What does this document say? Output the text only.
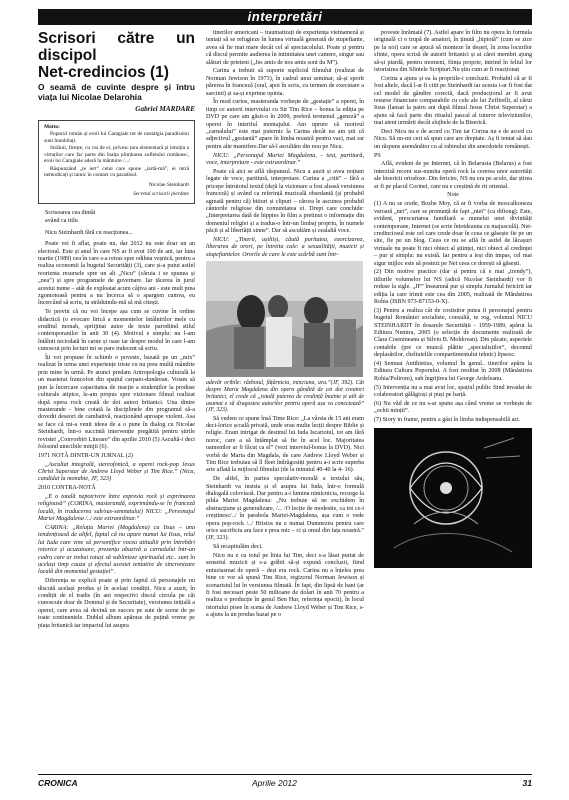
interpretări
Scrisori către un discipol
Net-credincios (1)
O seamă de cuvinte despre și întru viața lui Nicolae Delarohia
Gabriel MARDARE

Motto:

Poporul român și eroii lui Caragiale tot de nostalgia paradisului sunt înnobilați.

Străinii, firește, cu vai de ei, privesc țara elementară și intuiția a virtuților care fac parte din înalța plimbarea sufletului românesc, eroii lui Caragiale aderă la mântuire /.../

Răspunzând „te iert” celui care spune „iartă-mă”, ei intră nemodicați și tainic în contact cu paradisul.

Nicolae Steinhardt

Secretul scrisorii pierdute

Scrisoarea cea dintâi

având ca titlu

Nicu Steinhardt fără cu reacțiunea...

Poate vei fi aflat, poate nu, dar 2012 nu este doar un an electoral. Este și anul în care NS ar fi avut 100 de ani, iar luna martie (1989) cea în care s-a retras spre odihna veșnică, pentru a realiza economii la bugetul Securității (3), care și-a putut astfel reorienta resursele spre un alt „Nicu” (căruia i se spunea și „nea”) și spre programele de guvernare. Iar tăcerea în jurul acestui nume – atât de exploatat acum câțiva ani - este mult prea zgomotoasă pentru a nu încerca să o spargem cumva, eu încercând să scriu, tu străduindu-mă să mă citești.

Te previn că nu voi începe așa cum se cuvine în ordine didactică (o evocare lirică a momentelor întâlnirilor mele cu eruditul monah, spriijinat autor de texte parodiind stilul contemporanilor în anii 30 (4). Motivul e simplu: nu l-am întâlnit niciodată în carne și oase iar despre modul în care l-am cunoscut prin lecturi mi se pare indecent să scriu.

Îți voi propune în schimb o poveste, bazată pe un „mix” realizat în urma unei experiențe triste cu nu prea multă mândrie prin mine în urmă. Pe atunci predam Antropologia culturală la un masterat francofon din spațiul carpato-dunărean. Voiam să pun la încercare capacitatea de reacție a studenților la produse culturale atipice, le-am propus spre vizionare filmul realizat după opera rock creată de doi autori britanici. Una dintre masterande - bine cotată la disciplinele din programul să-a dovedit deseori de cambativă, reacționând aproape violent. Asa se face că mi-a venit ideea de a o pune în dialog cu Nicolae Steinhardt, într-o succintă intervenție pregătită pentru știrile revistei „Convorbiri Literare” din aprilie 2010 (5) Ascultă-i deci folosind unecibile minjii (6).

1971 NOTĂ DINTR-UN JURNAL (2)

„Ascultat integrală, stereofonică, a operei rock-pop Jesus Christ Superstar de Andrew Lloyd Weber și Tim Rice.” (Nicu, candidat la monahie, JF, 323)

2010 CONTRA-NOTĂ

„E o totală nepotrivire între expresia rock și exprimarea religioasă” (CORINA, masterandă, exprimându-se în franceză locală, în traducerea sub/sus-semnatului) NICU: „Personajul Mariei Magdalena /../ este extraordinar.”

CARINA: „Relația Mariei (Magdalena) cu Iisus – una tendențioasă de altfel, faptul că nu apare numai lui Iisus, relul lui Iuda care vine să personifice vocea atitudiii prin întrebări retorice și acuzatoare, prezența abuzivă a carnalului într-un cadru care ar trebui totuși să sublinieze spiritualul etc.. sunt în același timp cauza și efectul acestei tentative de sincronizare locală din momentul gestației”.

Diferența se explică poate și prin faptul că personajele nu discută același produs și în același condiții. Nicu a auzit, în condiții de el tradis (în ani respectivi discul circula pe căi cunoscute doar de Domnul și de Securitate), versiunea inițială a operei, care avea să devină un succes pe sute de scene de pe toate continentele. Dublul album apăruse de puțină vreme pe piața britanică iar impactul lui asupra

tinerilor americani – traumatizați de experiența vietnameză și tentați să se refugieze în lumea virtuală generată de stupefiante, avea să fie mai mare decât cel al spectacolului. Poate și pentru că discul permite audierea în intimitatea unei camere, singur sau alături de prieteni („Jes amis de nos amis sont du M”).

Carina a trebuit să suporte supliciul filmului (realizat de Norman Jewison în 1973), în cadrul unui seminar, să-și sporit părerea în franceză (oral, apoi în scris, cu termen de executare a sarcinii) și sa-și exprime opinia.

În mod curios, masteranda vorbește de „gestație” a operei, în timp ce autorii interviului cu Sir Tim Rice – bonus la ediția pe DVD pe care am găsit-o în 2009, preferă termenul „geneză” a operei în interiful montajului. Am uprure că motivul „carnalului” este mai puternic la Carina decât nu am știi că adjectivul „gestantă” apare în limba noastră pentru vaci, mai rar pentru alte mamifere.Dar să-l ascultăm din nou pe Nicu.

NICU: „Personajul Mariei Magdalena, - text, partitură, voce, interpretare - este extraordinar.”

Poate că aici se află răspunsul. Nicu a auzit și avea noțiuni legate de voce, partitură, interpretare. Carina a „citit” – fără a pricepe întrutotul textul (dejă la vizionare a fost aleasă versiunea franceză) și având ca referință muzicală obsedantă (și probabil agreată pentru că) bitiuri și clipuri – cărora le ascunea probabil cântorile religiose din comunitatea ei. Drept care conchide: „Interpretarea dată de hippies în film a pretinut o informație din domeniul religiei și a tradus-o într-un limbaj propriu, în numele păcii și al libertății sinne”. Dar să ascultăm și cealaltă voce.

NICU: „Tinerii, așiltiși, căută puritatea, exorcizarea, liberarea de orori, pe întreita cale: a sexualității, muzicii și stupefiantelor. Ororile de care le este scârbă sunt într-

adevăr oribile: războiul, fățărnicia, minciuna, ura.”(JF, 392). Cât despre Maria Magdalena din opera gândită de cei doi creatori britanici, el crede că „totală puterea de credință înainte și atît de asumat e să dragostea autorilor pentru operă așa va conectează” (JF, 323).

Să vedem ce spune însă Time Rice: „La vârsta de 15 ani eram deci-lorice școală privată, unde erau multe lecții despre Biblie și religie. Eram intrigat de destinul lui Iuda Iscariotul, tot am fără noroc, care a să întâmplat să fie în acel loc. Majoritatea oamenilor ar fi făcut ca el” (vezi interviul-bonus la DVD). Nici vorbă de Maria din Magdala, de care Andrew Lloyd Weber și Tim Rice trebuiau să îl fleet îndrăgostiți pentru a-i scrie superba arie aflată la mijlocul filmului (de la minutul 40-40 la 4- 16).

De altfel, în partea speculativ-morală a textului său, Steinhardt va insista și el asupra lui Iuda, într-o formulă dialogală coloviaлă. Dar pentru a-i lumina nimicnicia, recurge la pilda Mariei Magdalena: „Nu trebuie să ne exchidem în abstracțiune și generalizare, /... /O lecție de modestie, ca tot ce-i creștinesc/../ în parabola Mariei-Magdalena, așa cum o vede opera pop-rock /../ Hristos nu e numai Dumnezeu pentru care orice sacrificiu ara face e prea mic – ci și omul din fața noastră.” (JF, 323).

Să recapitulăm deci.

Nicu nu e cu totul pe linia lui Tim, deci s-a lăsat purtat de sensetul muzicii și s-a grăbit să-și expună concluzii, fiind entuziasmat de operă – deși era rock. Carina nu a înțeles prea bine ce vor să spună Tim Rice, regizorul Norman Jewison și scenaristul lui în versiunea filmată. În fapt, din lipsă de bani (ar fi fost necesari peste 50 milioane de dolari în anii 70 pentru a realiza o producție în genul Ben Hur, referința epocii), în locul istoriului pisee în scena de Andrew Lloyd Weber și Tim Rice, s-a ajuns la un produs bazat pe o

poveste înrămată (7). Astfel apare în film nu opera în formula originală ci o trupă de amatori, în ținută „hipiotă” (cum se zice pe la noi) care se apucă să monteze în deșert, în zona locurilor sfinte, opera scrisă de autorii britanici și ai cărei membri ajung să-și piardă, pentru moment, ființa proprie, intrind în feliul lor istorisirea din Sfintele Scripturi.Nu știu cum ar fi reacționat

Corina a ajuns și ea la propriile-i concluzii. Probabil că ar fi fost altele, dacă l-ar fi citit pe Steinhardt iar acesta i-ar fi fost dat cel model de gândire corectă, dacă producțiorul ar fi avut resurse financiare comparabile cu cele ale lui Zeffirelli, al cărui Iisus (lansat la patru ani după filmul Jesus Christ Superstar) a ajuns să facă parte din ritualul pascal al tuturor televiziunilor, mai atent urmărit decât slujbele de la Biserică.

Deci Nicu nu e de acord cu Tim iar Corina nu e de acord cu Nicu. Să nu-mi ceri să spun care are dreptate. Aș fi tentat să dau un răspuns asemănător cu al rabinului din anecdotele românești.

PS

Află, evident de pe Internet, că în Belarusia (Belarus) a fost interzisă recent sus-numita operă rock la cererea unor autorități ale bisericii ortodoxe. Din fericire, NS nu era pe acolo, dar știrea ar fi pe placul Corinei, care nu e creștină de rit oriental.

Note

(1) A nu se crede, Bozhe Moy, că ar fi vorba de moscalkoneza varoară „net”, care se pronunță de fapt „niet” (cu diftong). Este, evident, prescurtarea familiară a numelui unei divinități contemporane, Internet (se scrie întotdeauna cu majusculă). Net-credinciosul este cel care crede doar în ceea ce găsește fie pe un site, fie pe un blog. Ceea ce nu se află în astfel de lăcașuri virtuale nu poate fi nici obiect al științei, nici obiect al credinței – pur și simplu: nu există. Iar pentru a ieși din impas, cel mai sigur mijloc este să postezi pe Net ceea ce dorești să găsești.

(2) Din motive practice (dar și pentru că e mai „trendy”), titlurile volumelor lui NS (adică Nicolae Steinhardt) vor fi reduse la sigle. „JF” înseamnă pur și simplu Jurnalul fericirii iar ediția la care trimit este cea din 2005, realizată de Mănăstirea Rohia (ISBN 973-87153-0-X).

(3) Pentru a realiza cât de costisitor putea fi personajul pentru bugetul României socialiste, consultă, te rog, volumul NICU STEINHARDT în dosarele Securității - 1959-1989, apărut la Editura Nemira, 2005 (o selecție de documente realizată de Clara Cosmineanu și Silviu B. Moldovan). Din păcate, aspectele contabile (pre ce muncă plătite „specialiștilor”, decontul deplasărilor, cheltuielile compartimentului tehnic) lipsesc.

(4) Semnat Antihistius, volumul În genul.. tinerilor apăru la Editura Cultura Poporului. A fost reeditat în 2008 (Mănăstirea Rohia/Polirom), sub îngrijirea lui George Ardeleanu.

(5) Intervenția nu a mai avut loc, spațiul public fiind invadat de colaboratori gălăgioși și puși pe harță.

(6) Nu văd de ce nu s-ar spune așa când vreme se vorbește de „ochii minții”.

(7) Story in frame, pentru a găsi în limba indispensabilă azi.

CRONICA	Aprilie 2012	31
